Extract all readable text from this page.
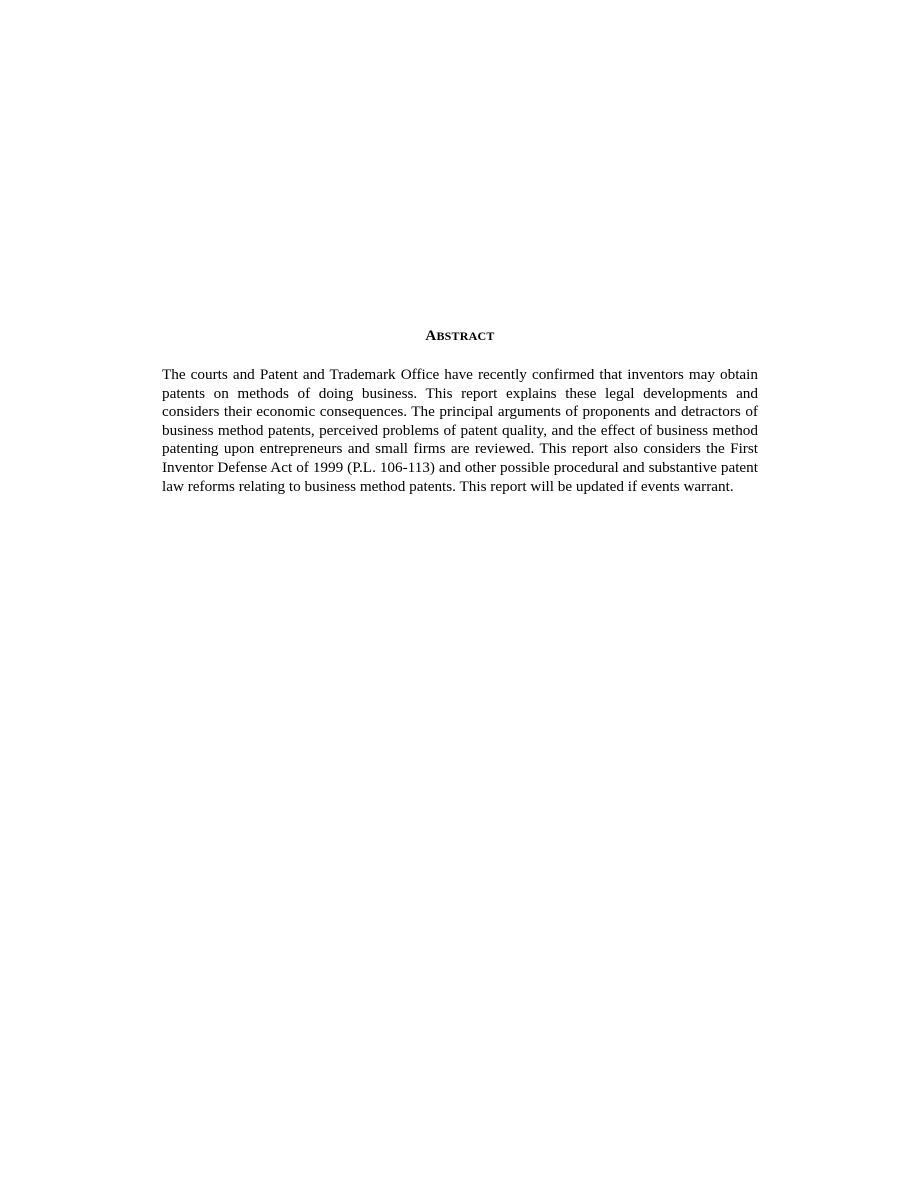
ABSTRACT

The courts and Patent and Trademark Office have recently confirmed that inventors may obtain patents on methods of doing business. This report explains these legal developments and considers their economic consequences. The principal arguments of proponents and detractors of business method patents, perceived problems of patent quality, and the effect of business method patenting upon entrepreneurs and small firms are reviewed. This report also considers the First Inventor Defense Act of 1999 (P.L. 106-113) and other possible procedural and substantive patent law reforms relating to business method patents. This report will be updated if events warrant.
